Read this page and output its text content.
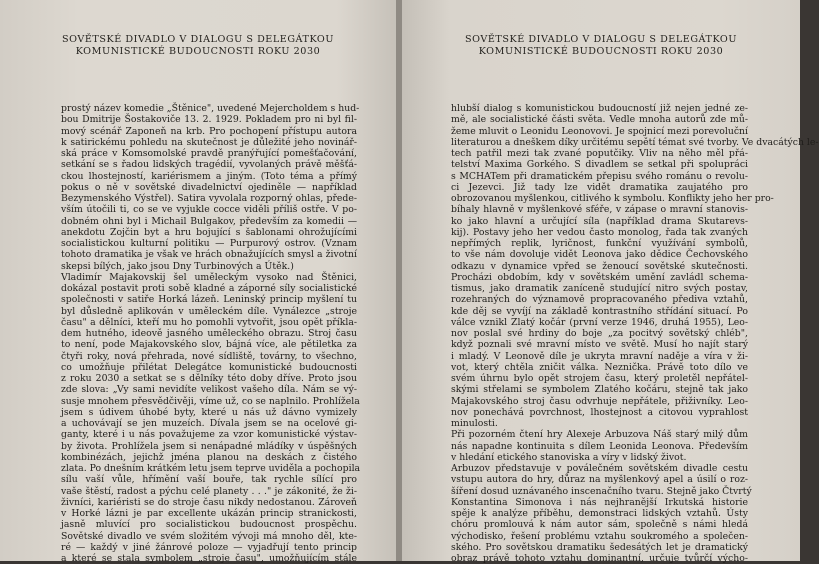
SOVĚTSKÉ DIVADLO V DIALOGU S DELEGÁTKOU
KOMUNISTICKÉ BUDOUCNOSTI ROKU 2030
prostý název komedie „Štěnice", uvedené Mejercholdem s hud-
bou Dmitrije Šostakoviče 13. 2. 1929. Pokladem pro ni byl fil-
mový scénář Zaponeň na krb. Pro pochopení přístupu autora
k satirickému pohledu na skutečnost je důležité jeho novinář-
ská práce v Komsomolské pravdě pranýřující pomešťačování,
setkání se s řadou lidských tragédií, vyvolaných právě měšťá-
ckou lhostejností, kariérismem a jiným. (Toto téma a přímý
pokus o ně v sovětské divadelnictví ojediněle — například
Bezymenského Výstřel). Satira vyvolala rozporný ohlas, přede-
vším útočili ti, co se ve vyjukle cocce viděli příliš ostře. V po-
dobném ohni byl i Michail Bulgakov, především za komedii —
anekdotu Zojčin byt a hru bojující s šablonami ohrožujícími
socialistickou kulturní politiku — Purpurový ostrov. (Vznam
tohoto dramatika je však ve hrách obnažujících smysl a životní
skepsi bílých, jako jsou Dny Turbinových a Útěk.)
Vladimír Majakovskij šel uměleckým vysoko nad Štěnici,
dokázal postavit proti sobě kladné a záporné síly socialistické
společnosti v satiře Horká lázeň. Leninský princip myšlení tu
byl důsledně aplikován v uměleckém díle. Vynálezce „stroje
času" a dělníci, kteří mu ho pomohli vytvořit, jsou opět příkla-
dem hutného, ideově jasného uměleckého obrazu. Stroj času
to není, pode Majakovského slov, bájná více, ale pětiletka za
čtyři roky, nová přehrada, nové sídliště, továrny, to všechno,
co umožňuje přilétat Delegátce komunistické budoucnosti
z roku 2030 a setkat se s dělníky této doby dříve. Proto jsou
zde slova: „Vy sami nevidíte velikost vašeho díla. Nám se vý-
susje mnohem přesvědčivěji, víme už, co se naplnilo. Prohlížela
jsem s údivem úhobé byty, které u nás už dávno vymizely
a uchovávají se jen muzeích. Dívala jsem se na ocelové gi-
ganty, které i u nás považujeme za vzor komunistické výstav-
by života. Prohlížela jsem si nenápadné mládíky v úspěšných
kombinézách, jejichž jména planou na deskách z čistého
zlata. Po dnešním krátkém letu jsem teprve uviděla a pochopila
sílu vaší vůle, hřímění vaší bouře, tak rychle sílící pro
vaše štěstí, radost a pýchu celé planety . . ." je zákonité, že ži-
živníci, kariéristi se do stroje času nikdy nedostanou. Zároveň
v Horké lázni je par excellente ukázán princip stranickosti,
jasně mluvící pro socialistickou budoucnost prospěchu.
Sovětské divadlo ve svém složitém vývoji má mnoho děl, kte-
ré — každý v jiné žánrové poloze — vyjadřují tento princip
a které se stala symbolem „stroje času", umožňujícím stále
SOVĚTSKÉ DIVADLO V DIALOGU S DELEGÁTKOU
KOMUNISTICKÉ BUDOUCNOSTI ROKU 2030
hlubší dialog s komunistickou budoucností již nejen jedné ze-
mě, ale socialistické části světa. Vedle mnoha autorů zde mů-
žeme mluvit o Leonidu Leonovovi. Je spojnicí mezi porevoluční
literaturou a dneškem díky určitému sepětí témat své tvorby. Ve dvacátých le-
tech patřil mezi tak zvané poputčiky. Vliv na něho měl přá-
telství Maxima Gorkého. S divadlem se setkal při spolupráci
s MCHATem při dramatickém přepisu svého románu o revolu-
ci Jezevci. Již tady lze vidět dramatika zaujatého pro
obrozovanou myšlenkou, citlivého k symbolu. Konflikty jeho her pro-
bíhaly hlavně v myšlenkové sféře, v zápase o mravní stanovis-
ko jako hlavní a určující síla (například drama Skutarevs-
kij). Postavy jeho her vedou často monolog, řada tak zvaných
nepřímých replik, lyričnost, funkční využívání symbolů,
to vše nám dovoluje vidět Leonova jako dědice Čechovského
odkazu v dynamice vpřed se ženoucí sovětské skutečnosti.
Procházi obdobím, kdy v sovětském umění zavládl schema-
tismus, jako dramatik zaníceně studující nitro svých postav,
rozehraných do významově propracovaného předivа vztahů,
kde děj se vyvíjí na základě kontrastního střídání situací. Po
válce vznikl Zlatý kočár (první verze 1946, druhá 1955), Leo-
nov poslal své hrdiny do boje „za pocitvý sovětský chléb",
když poznali své mravní místo ve světě. Musí ho najít starý
i mladý. V Leonově díle je ukryta mravní naděje a víra v ži-
vot, který chtěla zničit válka. Neznička. Právě toto dílo ve
svém úhrnu bylo opět strojem času, který proletěl nepřátel-
skými střelami se symbolem Zlatého kočáru, stejně tak jako
Majakovského stroj času odvrhuje nepřátele, přiživníky. Leo-
nov ponechává povrchnost, lhostejnost a citovou vyprahlost
minulosti.
Při pozorném čtení hry Alexeje Arbuzova Náš starý milý dům
nás napadne kontinuita s dílem Leonida Leonova. Především
v hledání etického stanoviska a víry v lidský život.
Arbuzov představuje v poválečném sovětském divadle cestu
vstupu autora do hry, důraz na myšlenkový apel a úsilí o roz-
šíření dosud uznávaného inscenačního tvaru. Stejně jako Čtvrtý
Konstantina Simonova i nás nejhranější Irkutská historie
spěje k analýze příběhu, demonstraci lidských vztahů. Ústy
chóru promlouvá k nám autor sám, společně s námi hledá
východisko, řešení problému vztahu soukromého a společen-
ského. Pro sovětskou dramatiku šedesátých let je dramatický
obraz právě tohoto vztahu dominantní, určuje tvůrčí výcho-
